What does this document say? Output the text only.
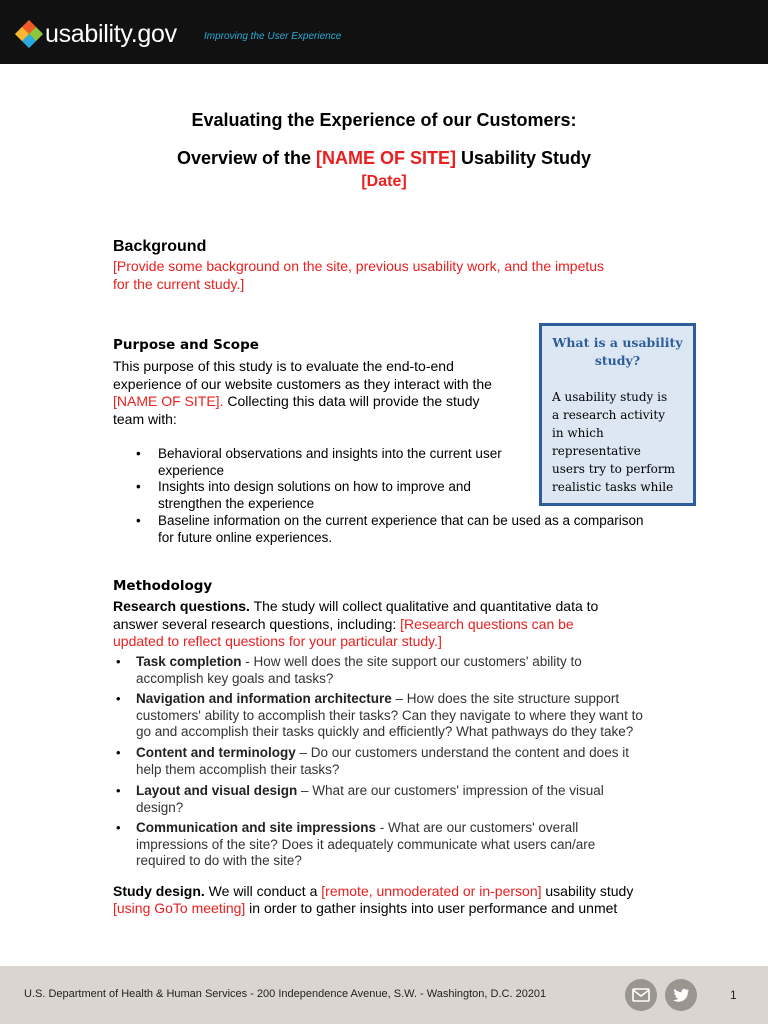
usability.gov	Improving the User Experience
Evaluating the Experience of our Customers:
Overview of the [NAME OF SITE] Usability Study
[Date]
Background
[Provide some background on the site, previous usability work, and the impetus
for the current study.]
Purpose and Scope
This purpose of this study is to evaluate the end-to-end
experience of our website customers as they interact with the
[NAME OF SITE]. Collecting this data will provide the study
team with:
• Behavioral observations and insights into the current user
experience
• Insights into design solutions on how to improve and
strengthen the experience
• Baseline information on the current experience that can be used as a comparison
for future online experiences.
What is a usability
study?
A usability study is
a research activity
in which
representative
users try to perform
realistic tasks while
Methodology
Research questions. The study will collect qualitative and quantitative data to
answer several research questions, including: [Research questions can be
updated to reflect questions for your particular study.]
• Task completion - How well does the site support our customers' ability to
accomplish key goals and tasks?
• Navigation and information architecture – How does the site structure support
customers' ability to accomplish their tasks? Can they navigate to where they want to
go and accomplish their tasks quickly and efficiently? What pathways do they take?
• Content and terminology – Do our customers understand the content and does it
help them accomplish their tasks?
• Layout and visual design – What are our customers' impression of the visual
design?
• Communication and site impressions - What are our customers' overall
impressions of the site? Does it adequately communicate what users can/are
required to do with the site?
Study design. We will conduct a [remote, unmoderated or in-person] usability study
[using GoTo meeting] in order to gather insights into user performance and unmet
U.S. Department of Health & Human Services - 200 Independence Avenue, S.W. - Washington, D.C. 20201	1
